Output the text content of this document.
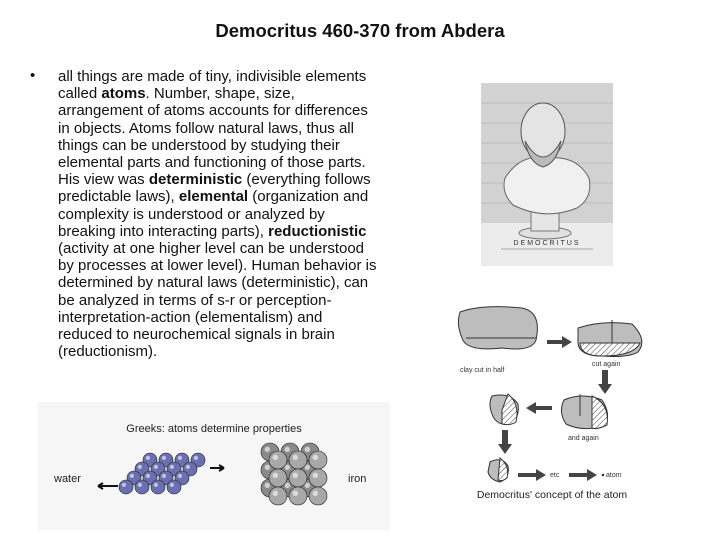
Democritus 460-370 from Abdera
• all things are made of tiny, indivisible elements
called atoms. Number, shape, size,
arrangement of atoms accounts for differences
in objects. Atoms follow natural laws, thus all
things can be understood by studying their
elemental parts and functioning of those parts.
His view was deterministic (everything follows
predictable laws), elemental (organization and
complexity is understood or analyzed by
breaking into interacting parts), reductionistic
(activity at one higher level can be understood
by processes at lower level). Human behavior is
determined by natural laws (deterministic), can
be analyzed in terms of s-r or perception-
interpretation-action (elementalism) and
reduced to neurochemical signals in brain
(reductionism).
DEMOCRITUS
clay cut in half
cut again
and again
etc	atom
Democritus' concept of the atom
Greeks: atoms determine properties
water	iron
